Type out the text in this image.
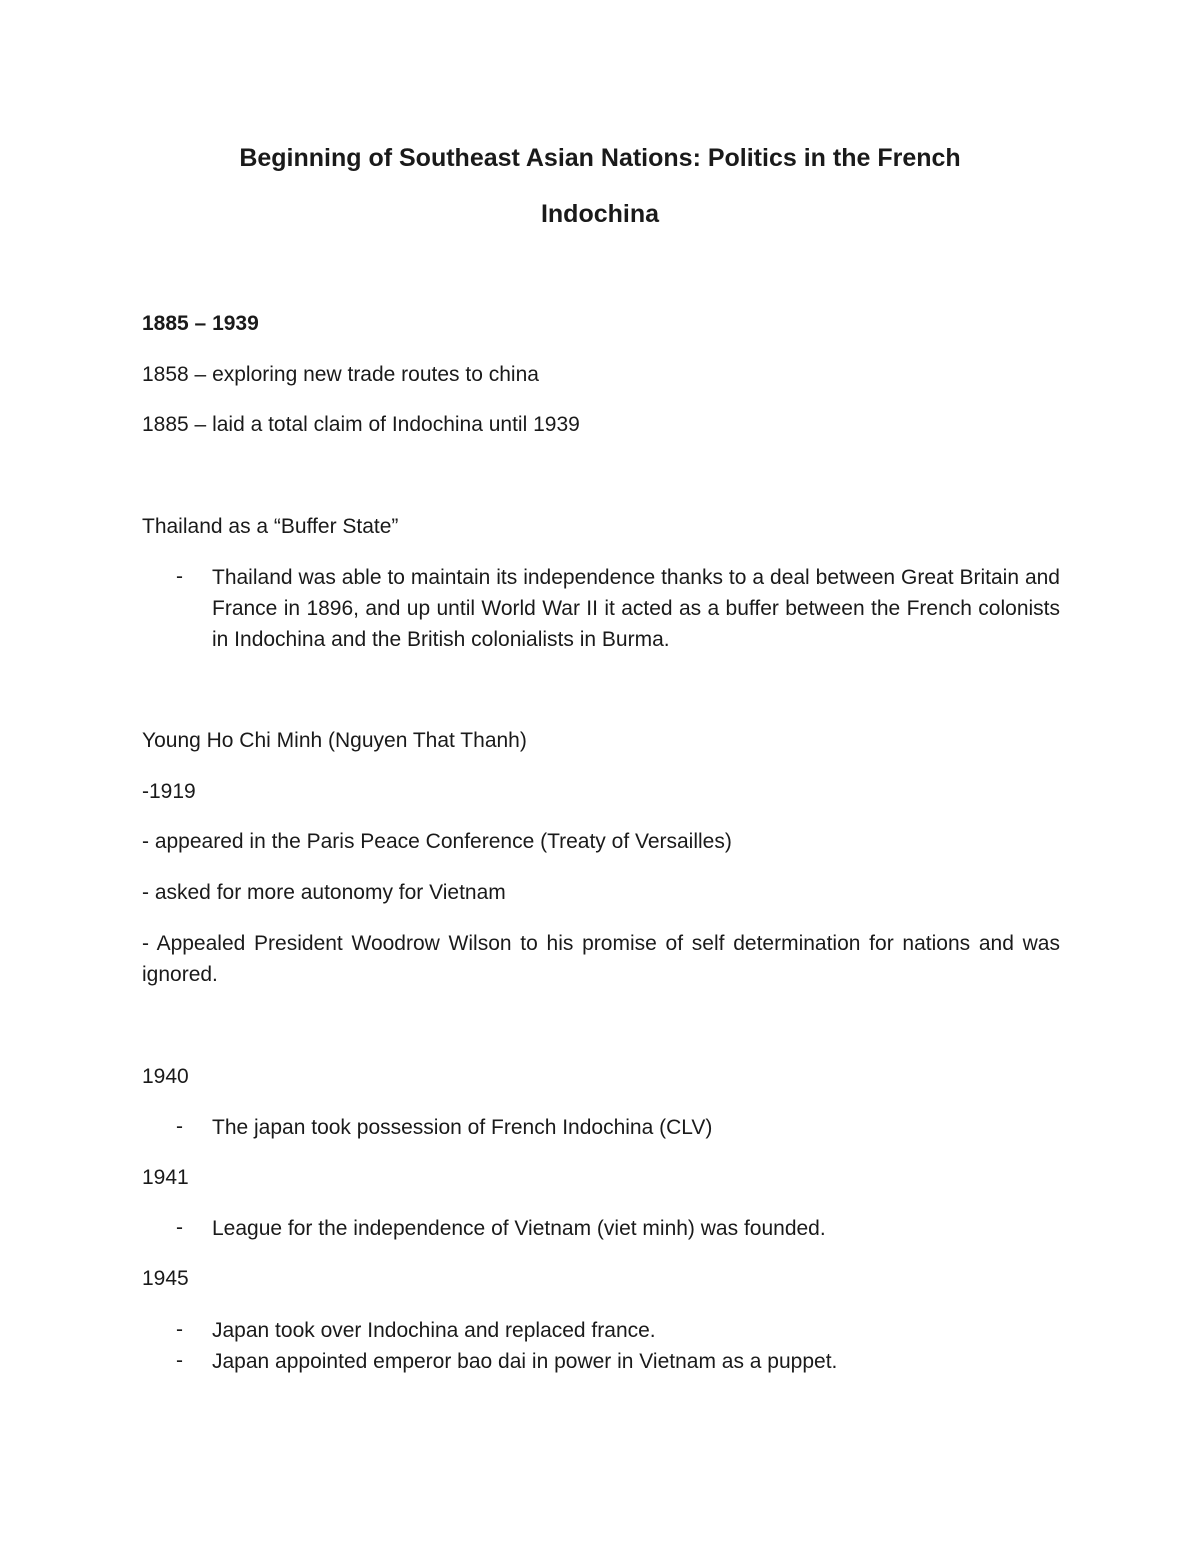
Beginning of Southeast Asian Nations: Politics in the French
Indochina
1885 – 1939
1858 – exploring new trade routes to china
1885 – laid a total claim of Indochina until 1939
Thailand as a “Buffer State”
- Thailand was able to maintain its independence thanks to a deal between Great Britain and France in 1896, and up until World War II it acted as a buffer between the French colonists in Indochina and the British colonialists in Burma.
Young Ho Chi Minh (Nguyen That Thanh)
-1919
- appeared in the Paris Peace Conference (Treaty of Versailles)
- asked for more autonomy for Vietnam
- Appealed President Woodrow Wilson to his promise of self determination for nations and was ignored.
1940
- The japan took possession of French Indochina (CLV)
1941
- League for the independence of Vietnam (viet minh) was founded.
1945
- Japan took over Indochina and replaced france.
- Japan appointed emperor bao dai in power in Vietnam as a puppet.
